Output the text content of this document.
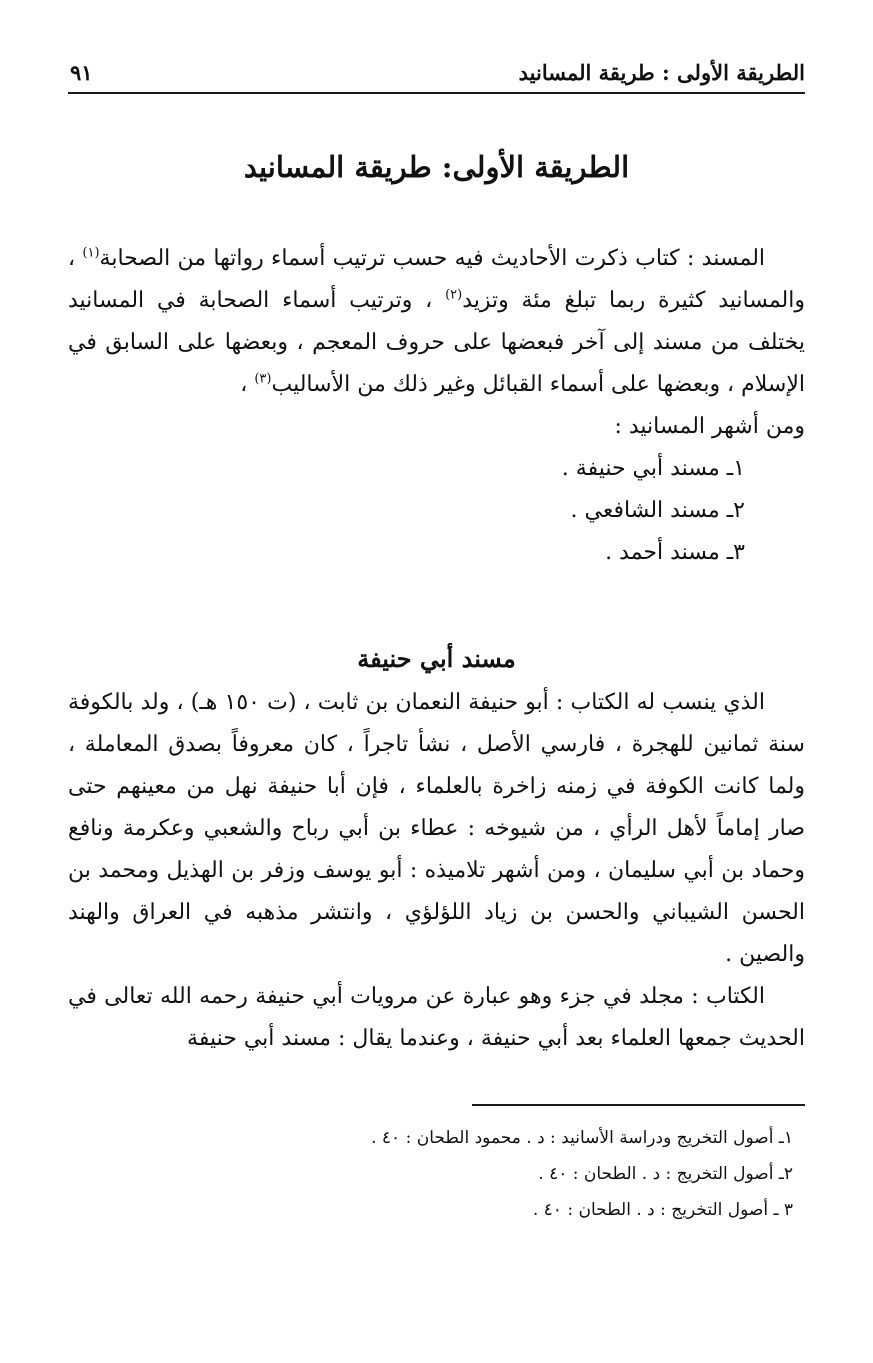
الطريقة الأولى : طريقة المسانيد
٩١
الطريقة الأولى: طريقة المسانيد

المسند : كتاب ذكرت الأحاديث فيه حسب ترتيب أسماء رواتها من الصحابة$^{(١)}$ ، والمسانيد كثيرة ربما تبلغ مئة وتزيد$^{(٢)}$ ، وترتيب أسماء الصحابة في المسانيد يختلف من مسند إلى آخر فبعضها على حروف المعجم ، وبعضها على السابق في الإسلام ، وبعضها على أسماء القبائل وغير ذلك من الأساليب$^{(٣)}$ ،

ومن أشهر المسانيد :

١ـ مسند أبي حنيفة .
٢ـ مسند الشافعي .
٣ـ مسند أحمد .
مسند أبي حنيفة

الذي ينسب له الكتاب : أبو حنيفة النعمان بن ثابت ، (ت ١٥٠ هـ) ، ولد بالكوفة سنة ثمانين للهجرة ، فارسي الأصل ، نشأ تاجراً ، كان معروفاً بصدق المعاملة ، ولما كانت الكوفة في زمنه زاخرة بالعلماء ، فإن أبا حنيفة نهل من معينهم حتى صار إماماً لأهل الرأي ، من شيوخه : عطاء بن أبي رباح والشعبي وعكرمة ونافع وحماد بن أبي سليمان ، ومن أشهر تلاميذه : أبو يوسف وزفر بن الهذيل ومحمد بن الحسن الشيباني والحسن بن زياد اللؤلؤي ، وانتشر مذهبه في العراق والهند والصين .

الكتاب : مجلد في جزء وهو عبارة عن مرويات أبي حنيفة رحمه الله تعالى في الحديث جمعها العلماء بعد أبي حنيفة ، وعندما يقال : مسند أبي حنيفة

١ـ أصول التخريج ودراسة الأسانيد : د . محمود الطحان : ٤٠ .
٢ـ أصول التخريج : د . الطحان : ٤٠ .
٣ ـ أصول التخريج : د . الطحان : ٤٠ .
